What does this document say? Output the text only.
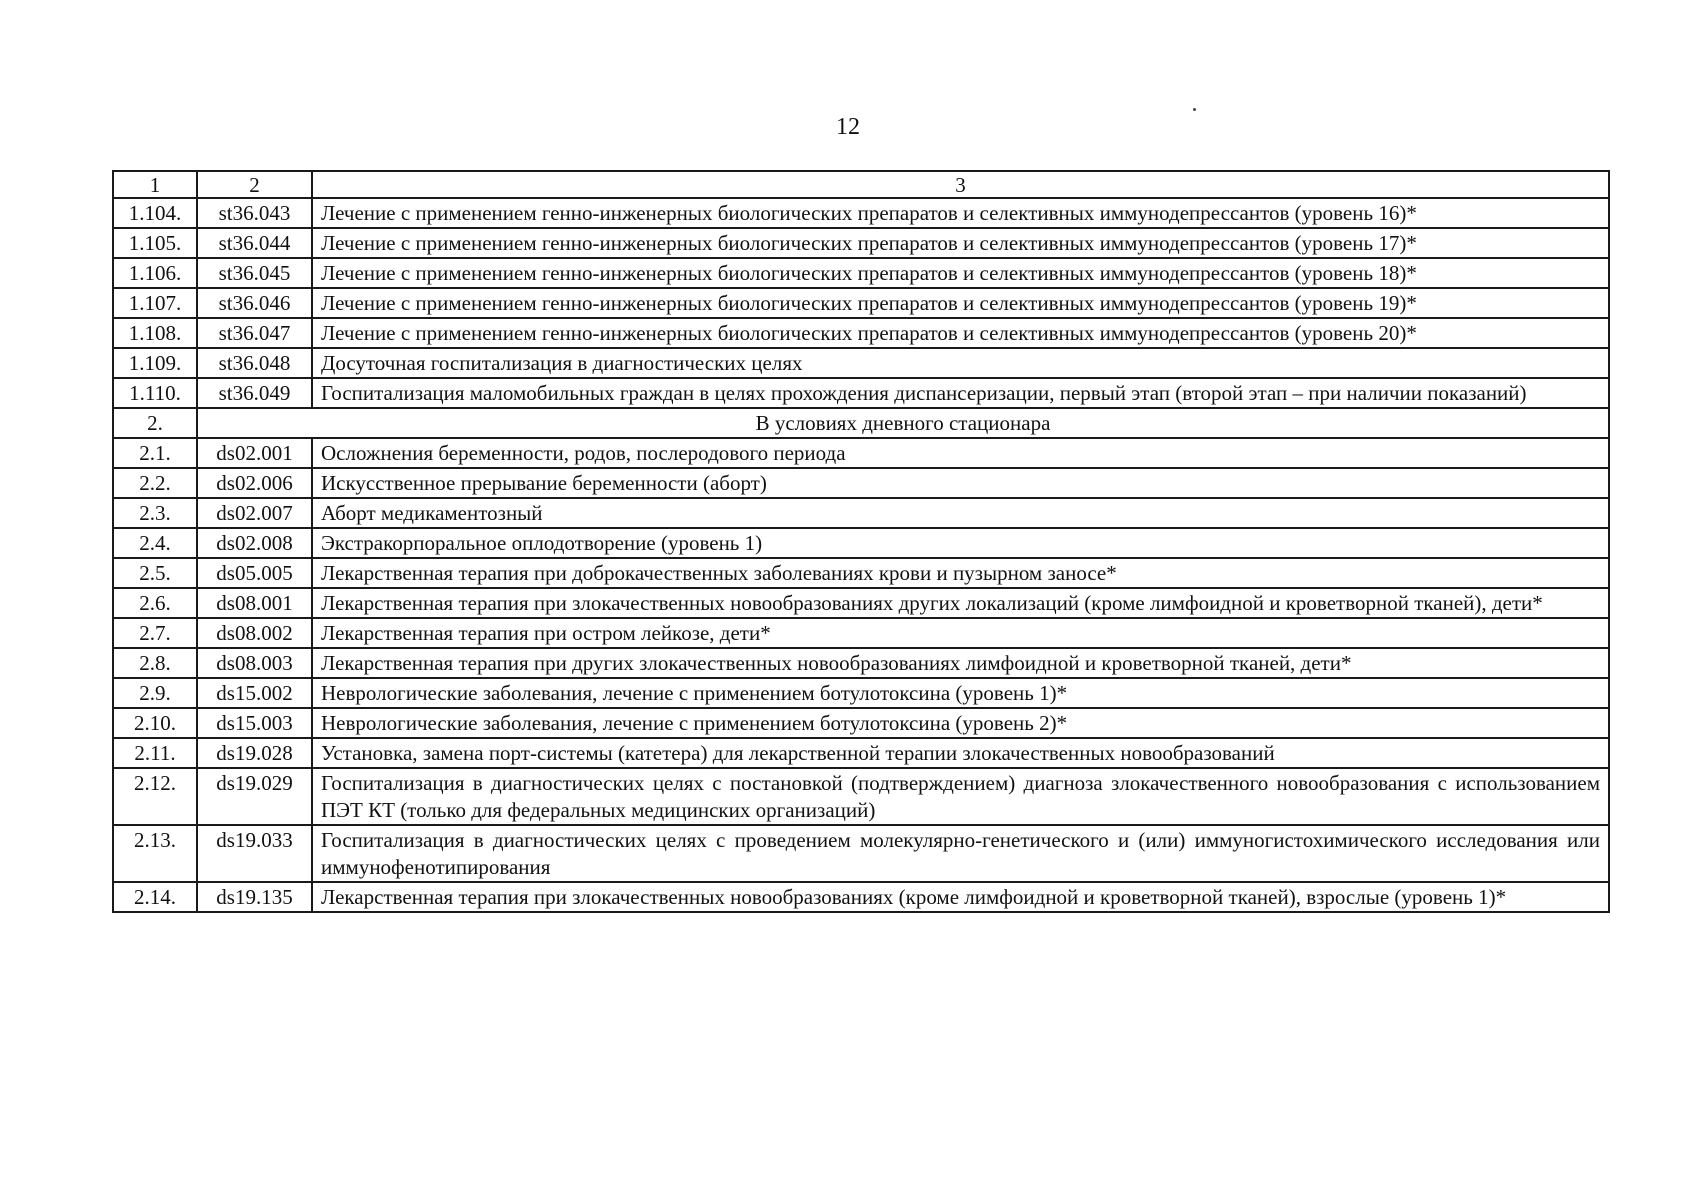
12
1	2	3
1.104.	st36.043	Лечение с применением генно-инженерных биологических препаратов и селективных иммунодепрессантов (уровень 16)*
1.105.	st36.044	Лечение с применением генно-инженерных биологических препаратов и селективных иммунодепрессантов (уровень 17)*
1.106.	st36.045	Лечение с применением генно-инженерных биологических препаратов и селективных иммунодепрессантов (уровень 18)*
1.107.	st36.046	Лечение с применением генно-инженерных биологических препаратов и селективных иммунодепрессантов (уровень 19)*
1.108.	st36.047	Лечение с применением генно-инженерных биологических препаратов и селективных иммунодепрессантов (уровень 20)*
1.109.	st36.048	Досуточная госпитализация в диагностических целях
1.110.	st36.049	Госпитализация маломобильных граждан в целях прохождения диспансеризации, первый этап (второй этап – при наличии показаний)
2.	В условиях дневного стационара	
2.1.	ds02.001	Осложнения беременности, родов, послеродового периода
2.2.	ds02.006	Искусственное прерывание беременности (аборт)
2.3.	ds02.007	Аборт медикаментозный
2.4.	ds02.008	Экстракорпоральное оплодотворение (уровень 1)
2.5.	ds05.005	Лекарственная терапия при доброкачественных заболеваниях крови и пузырном заносе*
2.6.	ds08.001	Лекарственная терапия при злокачественных новообразованиях других локализаций (кроме лимфоидной и кроветворной тканей), дети*
2.7.	ds08.002	Лекарственная терапия при остром лейкозе, дети*
2.8.	ds08.003	Лекарственная терапия при других злокачественных новообразованиях лимфоидной и кроветворной тканей, дети*
2.9.	ds15.002	Неврологические заболевания, лечение с применением ботулотоксина (уровень 1)*
2.10.	ds15.003	Неврологические заболевания, лечение с применением ботулотоксина (уровень 2)*
2.11.	ds19.028	Установка, замена порт-системы (катетера) для лекарственной терапии злокачественных новообразований
2.12.	ds19.029	Госпитализация в диагностических целях с постановкой (подтверждением) диагноза злокачественного новообразования с использованием ПЭТ КТ (только для федеральных медицинских организаций)
2.13.	ds19.033	Госпитализация в диагностических целях с проведением молекулярно-генетического и (или) иммуногистохимического исследования или иммунофенотипирования
2.14.	ds19.135	Лекарственная терапия при злокачественных новообразованиях (кроме лимфоидной и кроветворной тканей), взрослые (уровень 1)*
